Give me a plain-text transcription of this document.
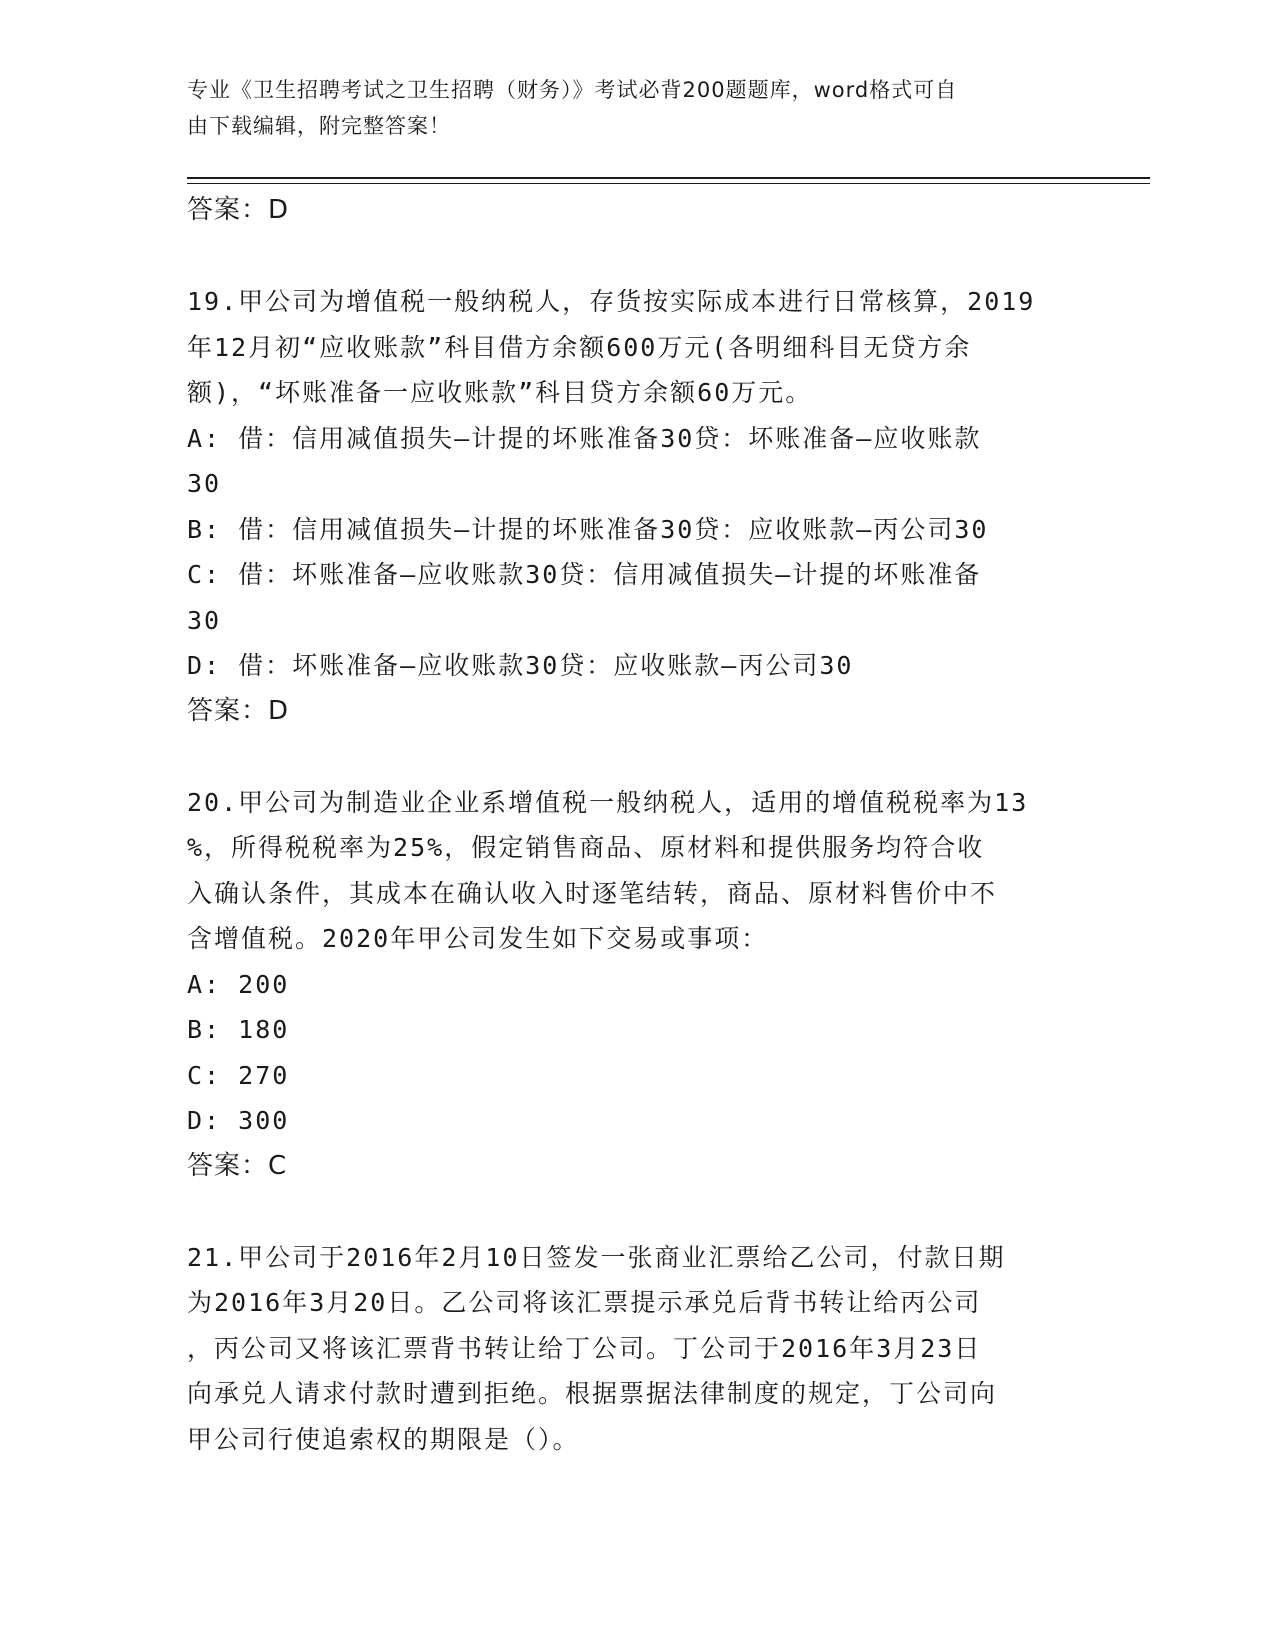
专业《卫生招聘考试之卫生招聘（财务）》考试必背200题题库，word格式可自
由下载编辑，附完整答案！
答案：D
19.甲公司为增值税一般纳税人，存货按实际成本进行日常核算，2019
年12月初“应收账款”科目借方余额600万元(各明细科目无贷方余
额)，“坏账准备一应收账款”科目贷方余额60万元。
A: 借：信用减值损失—计提的坏账准备30贷：坏账准备—应收账款
30
B: 借：信用减值损失—计提的坏账准备30贷：应收账款—丙公司30
C: 借：坏账准备—应收账款30贷：信用减值损失—计提的坏账准备
30
D: 借：坏账准备—应收账款30贷：应收账款—丙公司30
答案：D
20.甲公司为制造业企业系增值税一般纳税人，适用的增值税税率为13
%，所得税税率为25%，假定销售商品、原材料和提供服务均符合收
入确认条件，其成本在确认收入时逐笔结转，商品、原材料售价中不
含增值税。2020年甲公司发生如下交易或事项：
A: 200
B: 180
C: 270
D: 300
答案：C
21.甲公司于2016年2月10日签发一张商业汇票给乙公司，付款日期
为2016年3月20日。乙公司将该汇票提示承兑后背书转让给丙公司
，丙公司又将该汇票背书转让给丁公司。丁公司于2016年3月23日
向承兑人请求付款时遭到拒绝。根据票据法律制度的规定，丁公司向
甲公司行使追索权的期限是（）。
